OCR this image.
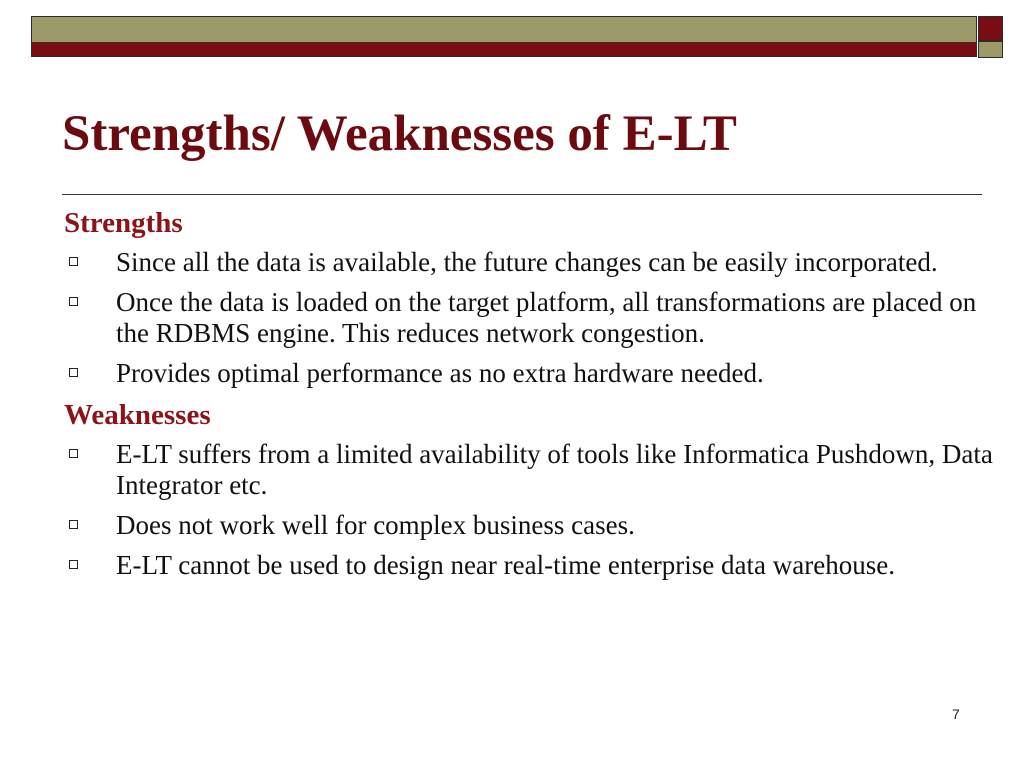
Strengths/ Weaknesses of E-LT
Strengths
Since all the data is available, the future changes can be easily incorporated.
Once the data is loaded on the target platform, all transformations are placed on the RDBMS engine. This reduces network congestion.
Provides optimal performance as no extra hardware needed.
Weaknesses
E-LT suffers from a limited availability of tools like Informatica Pushdown, Data Integrator etc.
Does not work well for complex business cases.
E-LT cannot be used to design near real-time enterprise data warehouse.
7
